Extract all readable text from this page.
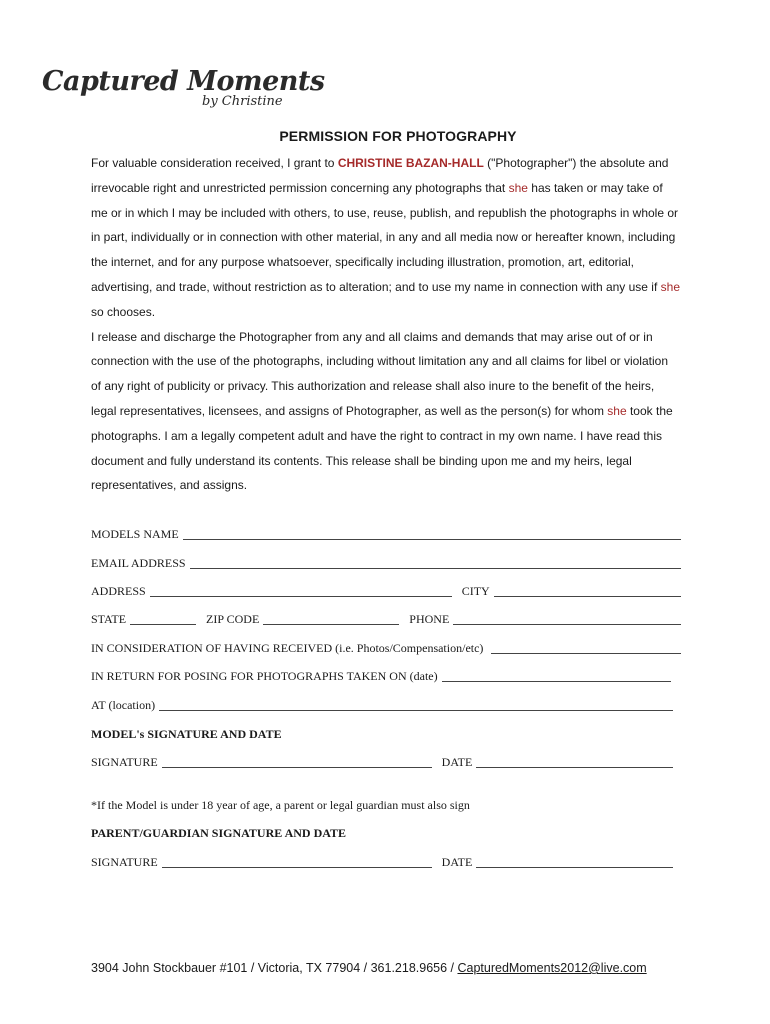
Captured Moments
by Christine
PERMISSION FOR PHOTOGRAPHY

For valuable consideration received, I grant to CHRISTINE BAZAN-HALL ("Photographer") the absolute and irrevocable right and unrestricted permission concerning any photographs that she has taken or may take of me or in which I may be included with others, to use, reuse, publish, and republish the photographs in whole or in part, individually or in connection with other material, in any and all media now or hereafter known, including the internet, and for any purpose whatsoever, specifically including illustration, promotion, art, editorial, advertising, and trade, without restriction as to alteration; and to use my name in connection with any use if she so chooses.

I release and discharge the Photographer from any and all claims and demands that may arise out of or in connection with the use of the photographs, including without limitation any and all claims for libel or violation of any right of publicity or privacy. This authorization and release shall also inure to the benefit of the heirs, legal representatives, licensees, and assigns of Photographer, as well as the person(s) for whom she took the photographs. I am a legally competent adult and have the right to contract in my own name. I have read this document and fully understand its contents. This release shall be binding upon me and my heirs, legal representatives, and assigns.

MODELS NAME
EMAIL ADDRESS
ADDRESS	CITY
STATE	ZIP CODE	PHONE
IN CONSIDERATION OF HAVING RECEIVED (i.e. Photos/Compensation/etc)
IN RETURN FOR POSING FOR PHOTOGRAPHS TAKEN ON (date)
AT (location)
MODEL's SIGNATURE AND DATE
SIGNATURE	DATE
*If the Model is under 18 year of age, a parent or legal guardian must also sign
PARENT/GUARDIAN SIGNATURE AND DATE
SIGNATURE	DATE
3904 John Stockbauer #101 / Victoria, TX 77904 / 361.218.9656 / CapturedMoments2012@live.com
